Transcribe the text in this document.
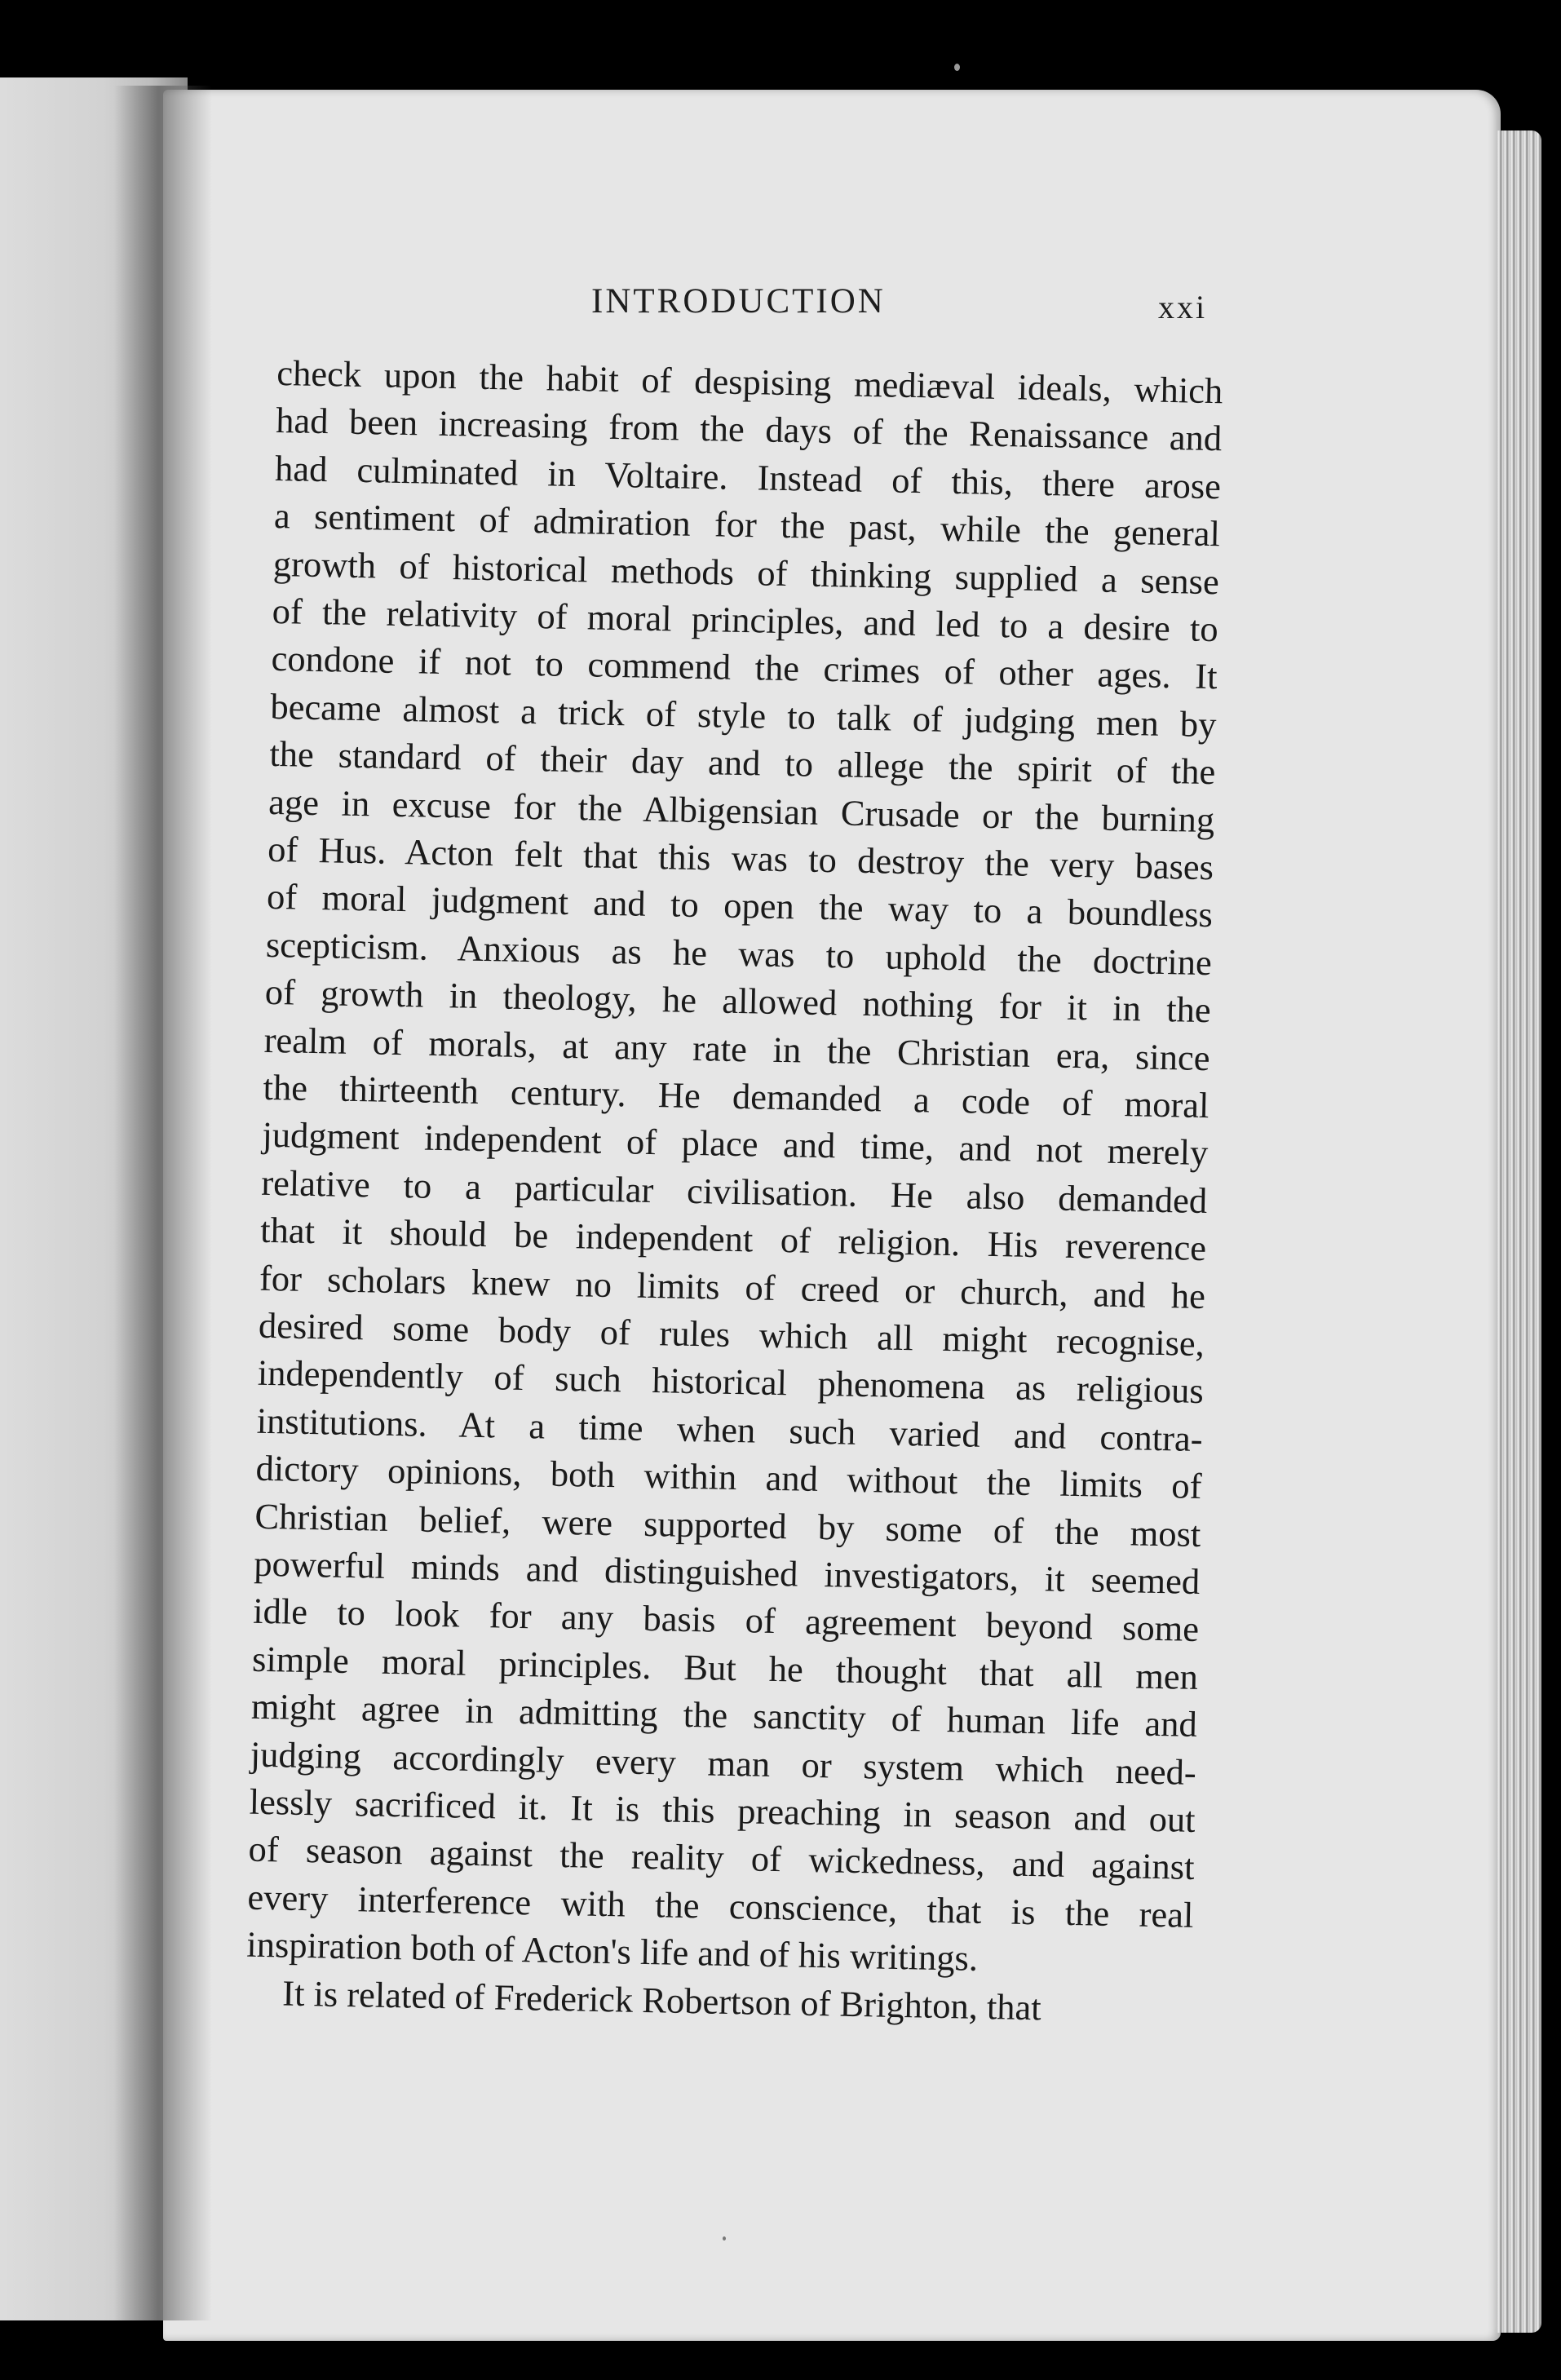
INTRODUCTION	xxi
check upon the habit of despising mediæval ideals, which
had been increasing from the days of the Renaissance and
had culminated in Voltaire. Instead of this, there arose
a sentiment of admiration for the past, while the general
growth of historical methods of thinking supplied a sense
of the relativity of moral principles, and led to a desire to
condone if not to commend the crimes of other ages. It
became almost a trick of style to talk of judging men by
the standard of their day and to allege the spirit of the
age in excuse for the Albigensian Crusade or the burning
of Hus. Acton felt that this was to destroy the very bases
of moral judgment and to open the way to a boundless
scepticism. Anxious as he was to uphold the doctrine
of growth in theology, he allowed nothing for it in the
realm of morals, at any rate in the Christian era, since
the thirteenth century. He demanded a code of moral
judgment independent of place and time, and not merely
relative to a particular civilisation. He also demanded
that it should be independent of religion. His reverence
for scholars knew no limits of creed or church, and he
desired some body of rules which all might recognise,
independently of such historical phenomena as religious
institutions. At a time when such varied and contra-
dictory opinions, both within and without the limits of
Christian belief, were supported by some of the most
powerful minds and distinguished investigators, it seemed
idle to look for any basis of agreement beyond some
simple moral principles. But he thought that all men
might agree in admitting the sanctity of human life and
judging accordingly every man or system which need-
lessly sacrificed it. It is this preaching in season and out
of season against the reality of wickedness, and against
every interference with the conscience, that is the real
inspiration both of Acton's life and of his writings.
It is related of Frederick Robertson of Brighton, that
